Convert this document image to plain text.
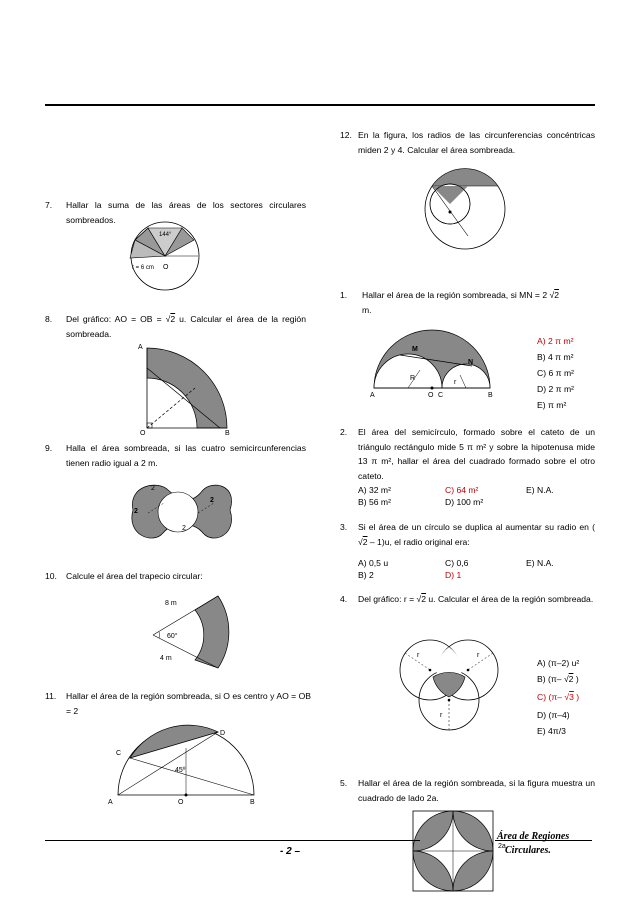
7. Hallar la suma de las áreas de los sectores circulares sombreados.
144°
r = 6 cm O
8. Del gráfico: AO = OB = √2 u. Calcular el área de la región sombreada.
A
O	B
9. Halla el área sombreada, si las cuatro semicircunferencias tienen radio igual a 2 m.
2
2
2
2
10. Calcule el área del trapecio circular:
8 m
60°
4 m
11. Hallar el área de la región sombreada, si O es centro y AO = OB = 2
D
C
45º
A	O	B
12. En la figura, los radios de las circunferencias concéntricas miden 2 y 4. Calcular el área sombreada.
1. Hallar el área de la región sombreada, si MN = 2 √2
m.
M
N
R
r
A	O C	B
A) 2 π m²
B) 4 π m²
C) 6 π m²
D) 2 π m²
E) π m²
2. El área del semicírculo, formado sobre el cateto de un triángulo rectángulo mide 5 π m² y sobre la hipotenusa mide 13 π m², hallar el área del cuadrado formado sobre el otro cateto.
A) 32 m²
B) 56 m²
C) 64 m²
D) 100 m²
E) N.A.
3. Si el área de un círculo se duplica al aumentar su radio en ( √2 – 1)u, el radio original era:
A) 0,5 u
B) 2
C) 0,6
D) 1
E) N.A.
4. Del gráfico: r = √2 u. Calcular el área de la región sombreada.
r	r
r
A) (π–2) u²
B) (π– √2 )
C) (π– √3 )
D) (π–4)
E) 4π/3
5. Hallar el área de la región sombreada, si la figura muestra un cuadrado de lado 2a.
2a
- 2 –
Área de Regiones
Circulares.
